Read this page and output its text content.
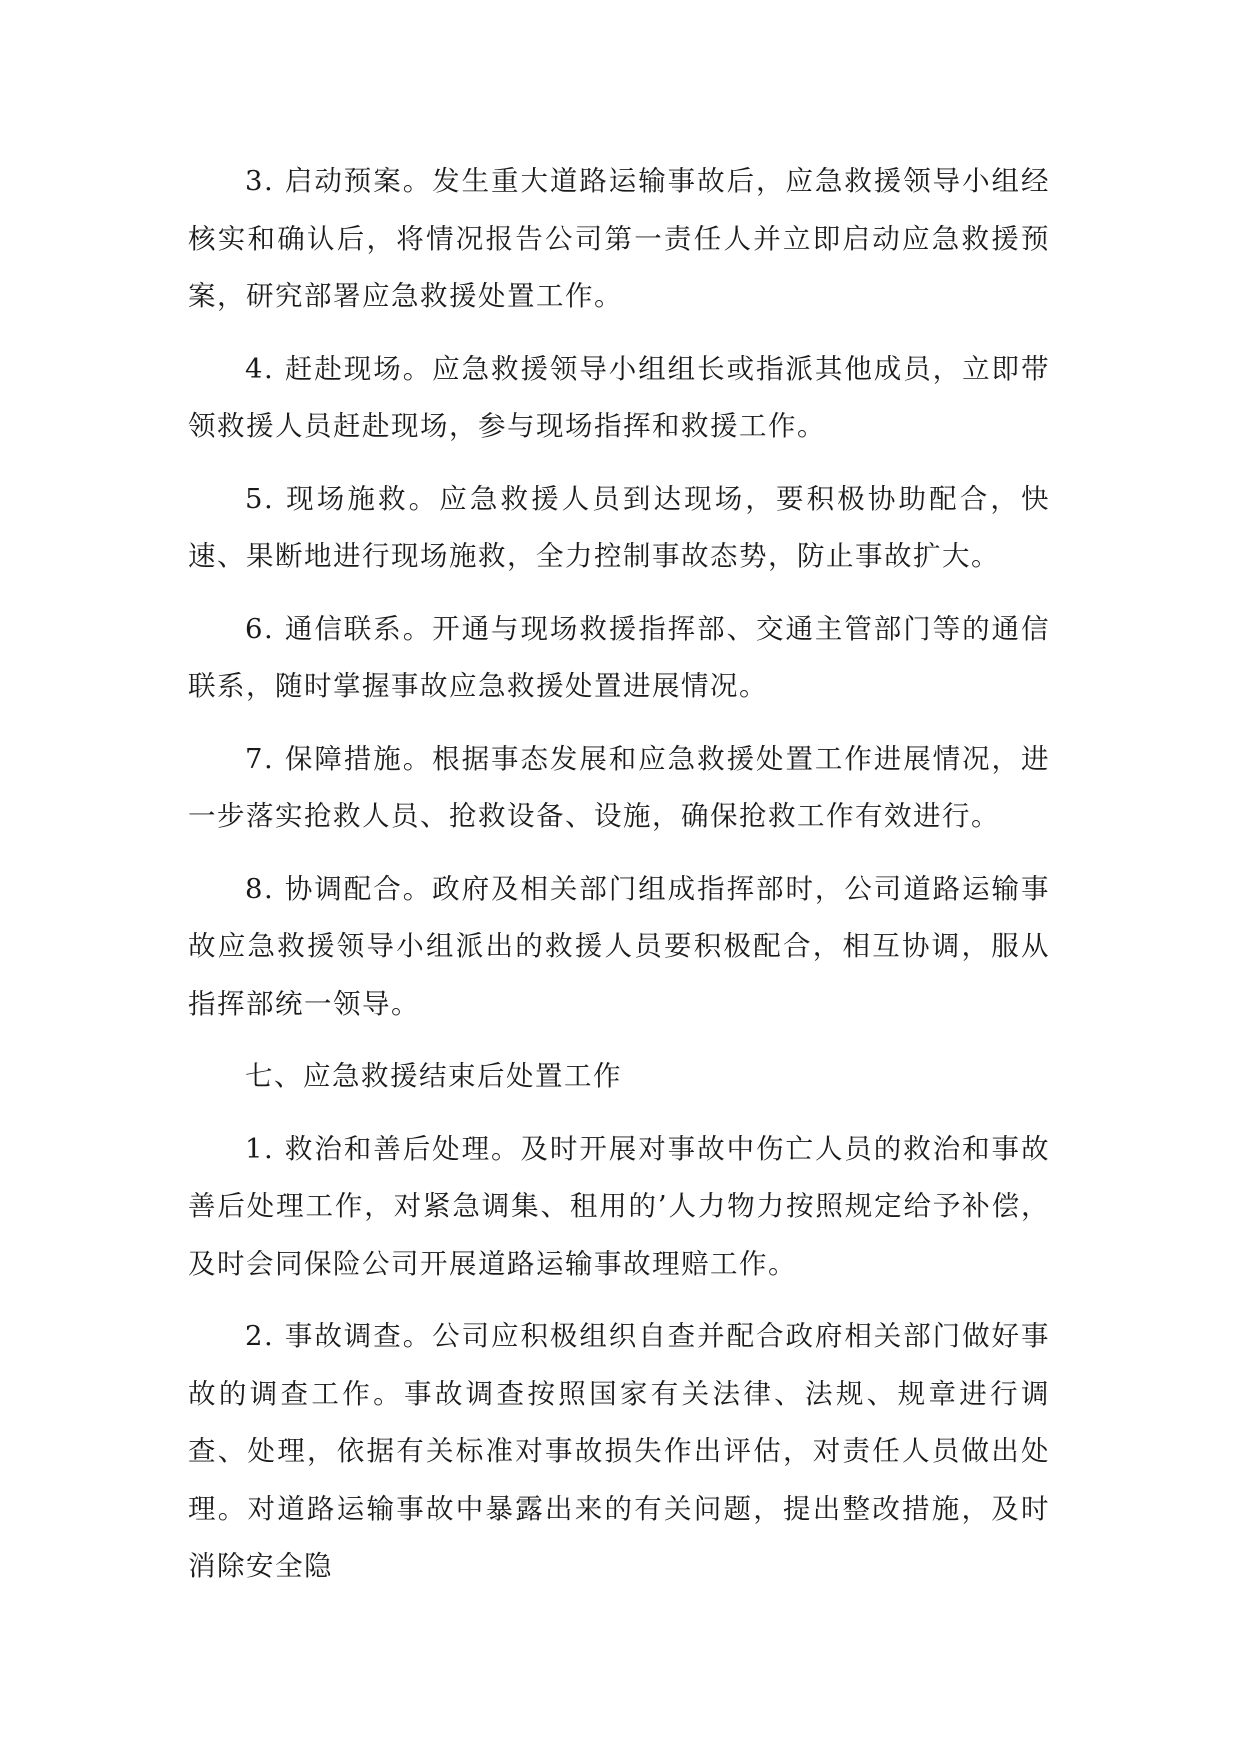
3. 启动预案。发生重大道路运输事故后，应急救援领导小组经核实和确认后，将情况报告公司第一责任人并立即启动应急救援预案，研究部署应急救援处置工作。

4. 赶赴现场。应急救援领导小组组长或指派其他成员，立即带领救援人员赶赴现场，参与现场指挥和救援工作。

5. 现场施救。应急救援人员到达现场，要积极协助配合，快速、果断地进行现场施救，全力控制事故态势，防止事故扩大。

6. 通信联系。开通与现场救援指挥部、交通主管部门等的通信联系，随时掌握事故应急救援处置进展情况。

7. 保障措施。根据事态发展和应急救援处置工作进展情况，进一步落实抢救人员、抢救设备、设施，确保抢救工作有效进行。

8. 协调配合。政府及相关部门组成指挥部时，公司道路运输事故应急救援领导小组派出的救援人员要积极配合，相互协调，服从指挥部统一领导。

七、应急救援结束后处置工作

1. 救治和善后处理。及时开展对事故中伤亡人员的救治和事故善后处理工作，对紧急调集、租用的’人力物力按照规定给予补偿，及时会同保险公司开展道路运输事故理赔工作。

2. 事故调查。公司应积极组织自查并配合政府相关部门做好事故的调查工作。事故调查按照国家有关法律、法规、规章进行调查、处理，依据有关标准对事故损失作出评估，对责任人员做出处理。对道路运输事故中暴露出来的有关问题，提出整改措施，及时消除安全隐
